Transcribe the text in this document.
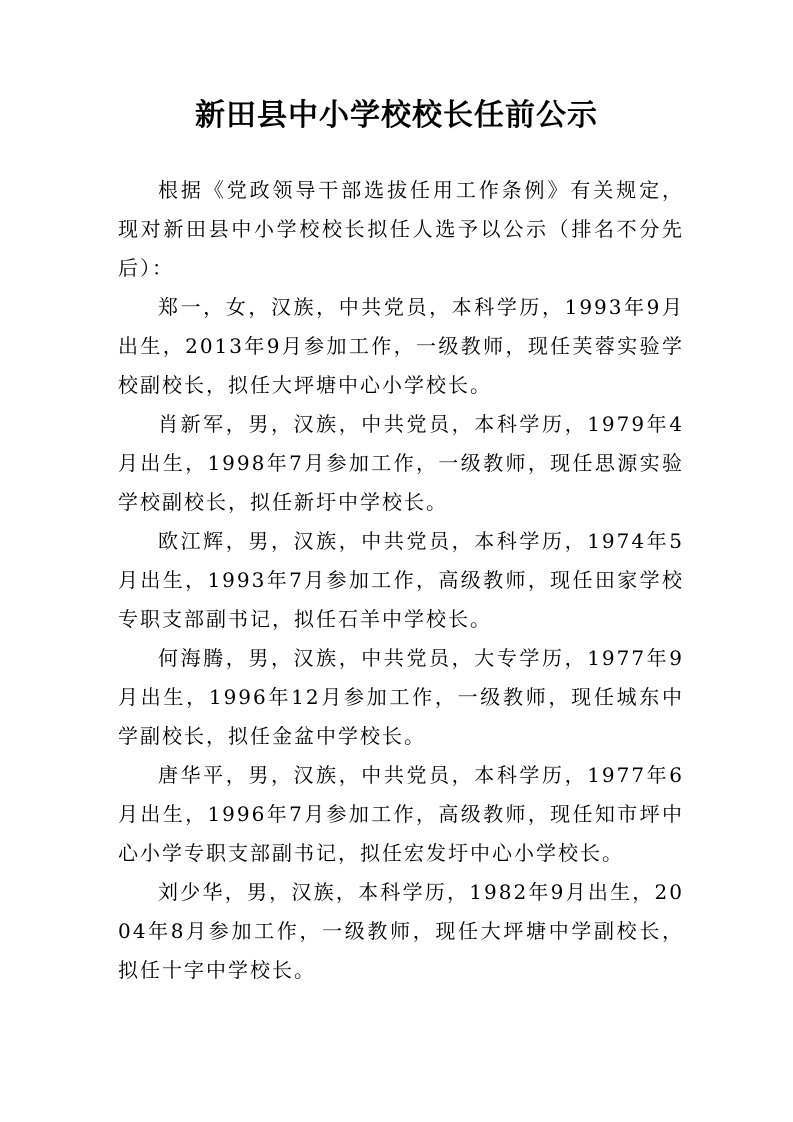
新田县中小学校校长任前公示

根据《党政领导干部选拔任用工作条例》有关规定，现对新田县中小学校校长拟任人选予以公示（排名不分先后）：

郑一，女，汉族，中共党员，本科学历，1993年9月出生，2013年9月参加工作，一级教师，现任芙蓉实验学校副校长，拟任大坪塘中心小学校长。

肖新军，男，汉族，中共党员，本科学历，1979年4月出生，1998年7月参加工作，一级教师，现任思源实验学校副校长，拟任新圩中学校长。

欧江辉，男，汉族，中共党员，本科学历，1974年5月出生，1993年7月参加工作，高级教师，现任田家学校专职支部副书记，拟任石羊中学校长。

何海腾，男，汉族，中共党员，大专学历，1977年9月出生，1996年12月参加工作，一级教师，现任城东中学副校长，拟任金盆中学校长。

唐华平，男，汉族，中共党员，本科学历，1977年6月出生，1996年7月参加工作，高级教师，现任知市坪中心小学专职支部副书记，拟任宏发圩中心小学校长。

刘少华，男，汉族，本科学历，1982年9月出生，2004年8月参加工作，一级教师，现任大坪塘中学副校长，拟任十字中学校长。
